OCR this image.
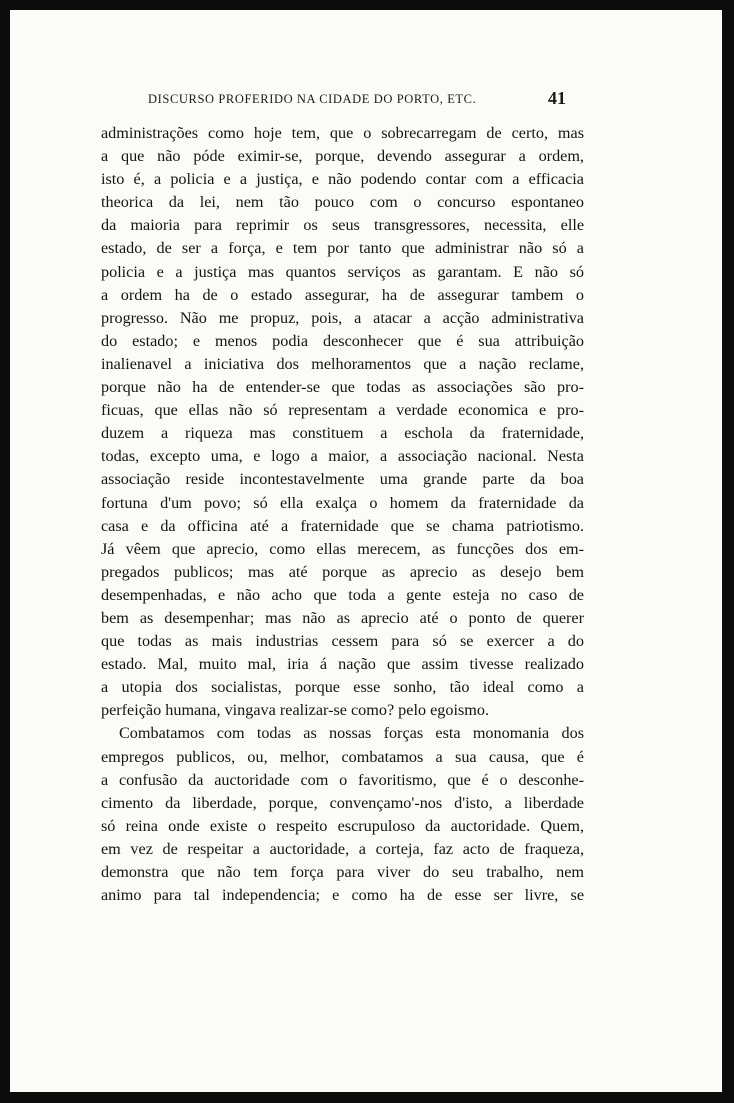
DISCURSO PROFERIDO NA CIDADE DO PORTO, ETC.	41
administrações como hoje tem, que o sobrecarregam de certo, mas
a que não póde eximir-se, porque, devendo assegurar a ordem,
isto é, a policia e a justiça, e não podendo contar com a efficacia
theorica da lei, nem tão pouco com o concurso espontaneo
da maioria para reprimir os seus transgressores, necessita, elle
estado, de ser a força, e tem por tanto que administrar não só a
policia e a justiça mas quantos serviços as garantam. E não só
a ordem ha de o estado assegurar, ha de assegurar tambem o
progresso. Não me propuz, pois, a atacar a acção administrativa
do estado; e menos podia desconhecer que é sua attribuição
inalienavel a iniciativa dos melhoramentos que a nação reclame,
porque não ha de entender-se que todas as associações são pro-
ficuas, que ellas não só representam a verdade economica e pro-
duzem a riqueza mas constituem a eschola da fraternidade,
todas, excepto uma, e logo a maior, a associação nacional. Nesta
associação reside incontestavelmente uma grande parte da boa
fortuna d'um povo; só ella exalça o homem da fraternidade da
casa e da officina até a fraternidade que se chama patriotismo.
Já vêem que aprecio, como ellas merecem, as funcções dos em-
pregados publicos; mas até porque as aprecio as desejo bem
desempenhadas, e não acho que toda a gente esteja no caso de
bem as desempenhar; mas não as aprecio até o ponto de querer
que todas as mais industrias cessem para só se exercer a do
estado. Mal, muito mal, iria á nação que assim tivesse realizado
a utopia dos socialistas, porque esse sonho, tão ideal como a
perfeição humana, vingava realizar-se como? pelo egoismo.
Combatamos com todas as nossas forças esta monomania dos
empregos publicos, ou, melhor, combatamos a sua causa, que é
a confusão da auctoridade com o favoritismo, que é o desconhe-
cimento da liberdade, porque, convençamo'-nos d'isto, a liberdade
só reina onde existe o respeito escrupuloso da auctoridade. Quem,
em vez de respeitar a auctoridade, a corteja, faz acto de fraqueza,
demonstra que não tem força para viver do seu trabalho, nem
animo para tal independencia; e como ha de esse ser livre, se
